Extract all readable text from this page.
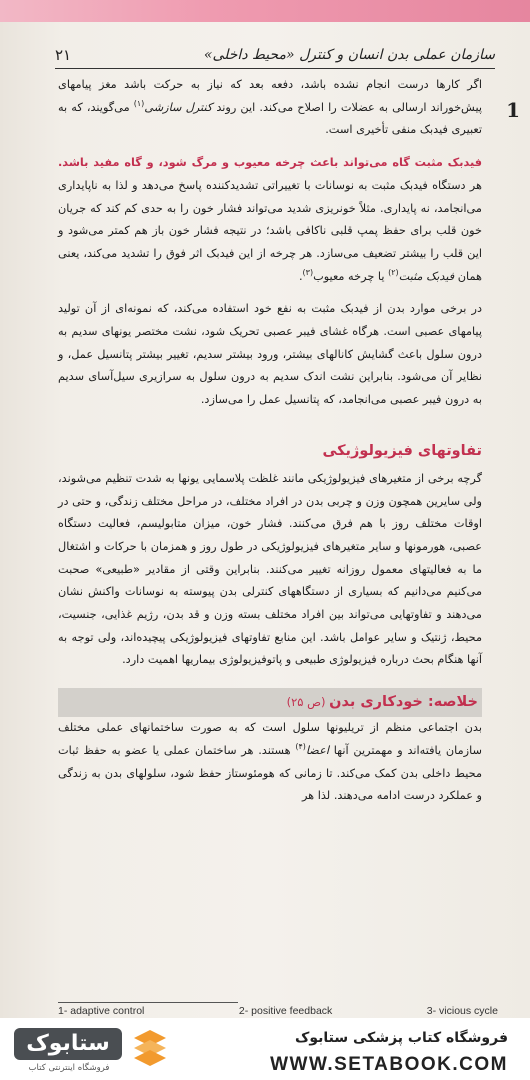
سازمان عملی بدن انسان و کنترل «محیط داخلی»
۲۱
1

اگر کارها درست انجام نشده باشد، دفعه بعد که نیاز به حرکت باشد مغز پیامهای پیش‌خوراند ارسالی به عضلات را اصلاح می‌کند. این روند کنترل سازشی$^{(۱)}$ می‌گویند، که به تعبیری فیدبک منفی تأخیری است.

فیدبک مثبت گاه می‌تواند باعث چرخه معیوب و مرگ شود، و گاه مفید باشد. هر دستگاه فیدبک مثبت به نوسانات با تغییراتی تشدیدکننده پاسخ می‌دهد و لذا به ناپایداری می‌انجامد، نه پایداری. مثلاً خونریزی شدید می‌تواند فشار خون را به حدی کم کند که جریان خون قلب برای حفظ پمپ قلبی ناکافی باشد؛ در نتیجه فشار خون باز هم کمتر می‌شود و این قلب را بیشتر تضعیف می‌سازد. هر چرخه از این فیدبک اثر فوق را تشدید می‌کند، یعنی همان فیدبک مثبت$^{(۲)}$ یا چرخه معیوب$^{(۳)}$.

در برخی موارد بدن از فیدبک مثبت به نفع خود استفاده می‌کند، که نمونه‌ای از آن تولید پیامهای عصبی است. هرگاه غشای فیبر عصبی تحریک شود، نشت مختصر یونهای سدیم به درون سلول باعث گشایش کانالهای بیشتر، ورود بیشتر سدیم، تغییر بیشتر پتانسیل عمل، و نظایر آن می‌شود. بنابراین نشت اندک سدیم به درون سلول به سرازیری سیل‌آسای سدیم به درون فیبر عصبی می‌انجامد، که پتانسیل عمل را می‌سازد.

تفاوتهای فیزیولوژیکی

گرچه برخی از متغیرهای فیزیولوژیکی مانند غلظت پلاسمایی یونها به شدت تنظیم می‌شوند، ولی سایرین همچون وزن و چربی بدن در افراد مختلف، در مراحل مختلف زندگی، و حتی در اوقات مختلف روز با هم فرق می‌کنند. فشار خون، میزان متابولیسم، فعالیت دستگاه عصبی، هورمونها و سایر متغیرهای فیزیولوژیکی در طول روز و همزمان با حرکات و اشتغال ما به فعالیتهای معمول روزانه تغییر می‌کنند. بنابراین وقتی از مقادیر «طبیعی» صحبت می‌کنیم می‌دانیم که بسیاری از دستگاههای کنترلی بدن پیوسته به نوسانات واکنش نشان می‌دهند و تفاوتهایی می‌تواند بین افراد مختلف بسته وزن و قد بدن، رژیم غذایی، جنسیت، محیط، ژنتیک و سایر عوامل باشد. این منابع تفاوتهای فیزیولوژیکی پیچیده‌اند، ولی توجه به آنها هنگام بحث درباره فیزیولوژی طبیعی و پاتوفیزیولوژی بیماریها اهمیت دارد.

خلاصه: خودکاری بدن (ص ۲۵)

بدن اجتماعی منظم از تریلیونها سلول است که به صورت ساختمانهای عملی مختلف سازمان یافته‌اند و مهمترین آنها اعضا$^{(۴)}$ هستند. هر ساختمان عملی یا عضو به حفظ ثبات محیط داخلی بدن کمک می‌کند. تا زمانی که هومئوستاز حفظ شود، سلولهای بدن به زندگی و عملکرد درست ادامه می‌دهند. لذا هر

1- adaptive control	2- positive feedback	3- vicious cycle
ستابوک
فروشگاه اینترنتی کتاب
فروشگاه کتاب پزشکی ستابوک
WWW.SETABOOK.COM
